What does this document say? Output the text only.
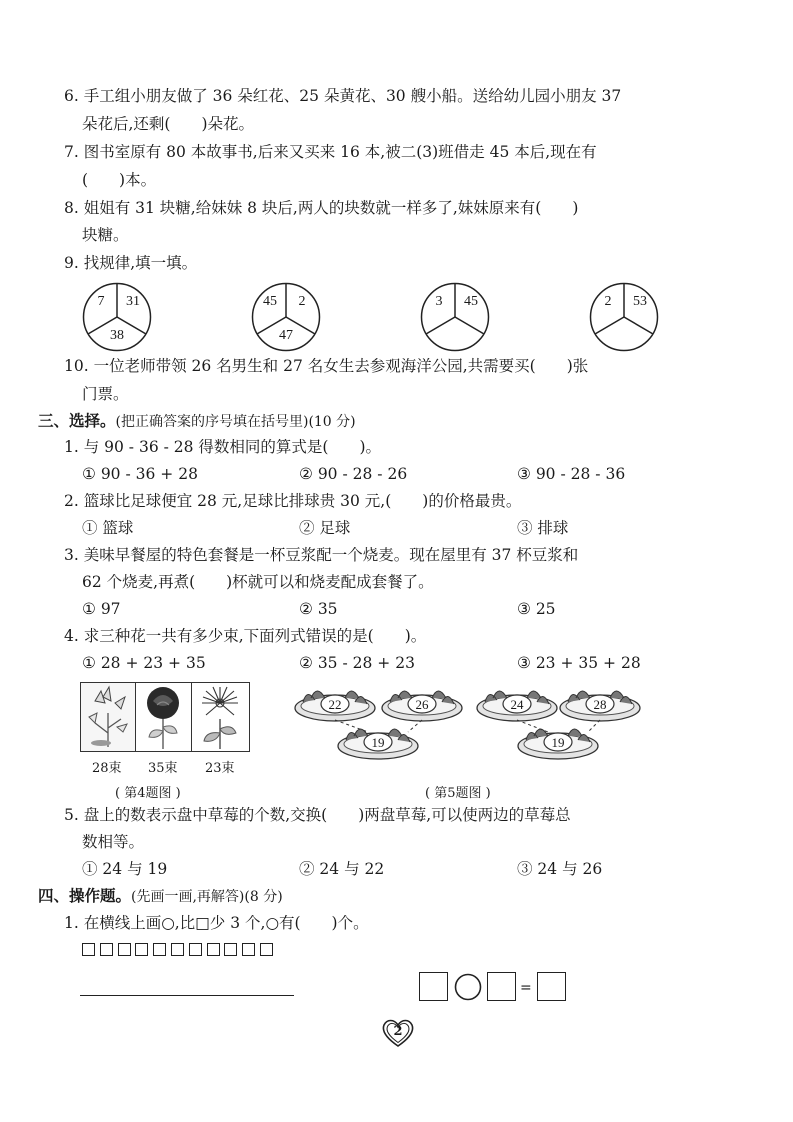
6. 手工组小朋友做了 36 朵红花、25 朵黄花、30 艘小船。送给幼儿园小朋友 37
朵花后,还剩(　　)朵花。
7. 图书室原有 80 本故事书,后来又买来 16 本,被二(3)班借走 45 本后,现在有
(　　)本。
8. 姐姐有 31 块糖,给妹妹 8 块后,两人的块数就一样多了,妹妹原来有(　　)
块糖。
9. 找规律,填一填。
7	31
38
45	2
47
3	45	2	53
10. 一位老师带领 26 名男生和 27 名女生去参观海洋公园,共需要买(　　)张
门票。
三、选择。(把正确答案的序号填在括号里)(10 分)
1. 与 90 - 36 - 28 得数相同的算式是(　　)。
① 90 - 36 + 28	② 90 - 28 - 26	③ 90 - 28 - 36
2. 篮球比足球便宜 28 元,足球比排球贵 30 元,(　　)的价格最贵。
① 篮球	② 足球	③ 排球
3. 美味早餐屋的特色套餐是一杯豆浆配一个烧麦。现在屋里有 37 杯豆浆和
62 个烧麦,再煮(　　)杯就可以和烧麦配成套餐了。
① 97	② 35	③ 25
4. 求三种花一共有多少束,下面列式错误的是(　　)。
① 28 + 23 + 35	② 35 - 28 + 23	③ 23 + 35 + 28
28束 35束 23束
( 第4题图 )
22	26
19
24	28
19
( 第5题图 )
5. 盘上的数表示盘中草莓的个数,交换(　　)两盘草莓,可以使两边的草莓总
数相等。
① 24 与 19	② 24 与 22	③ 24 与 26
四、操作题。(先画一画,再解答)(8 分)
1. 在横线上画○,比□少 3 个,○有(　　)个。
=
2
